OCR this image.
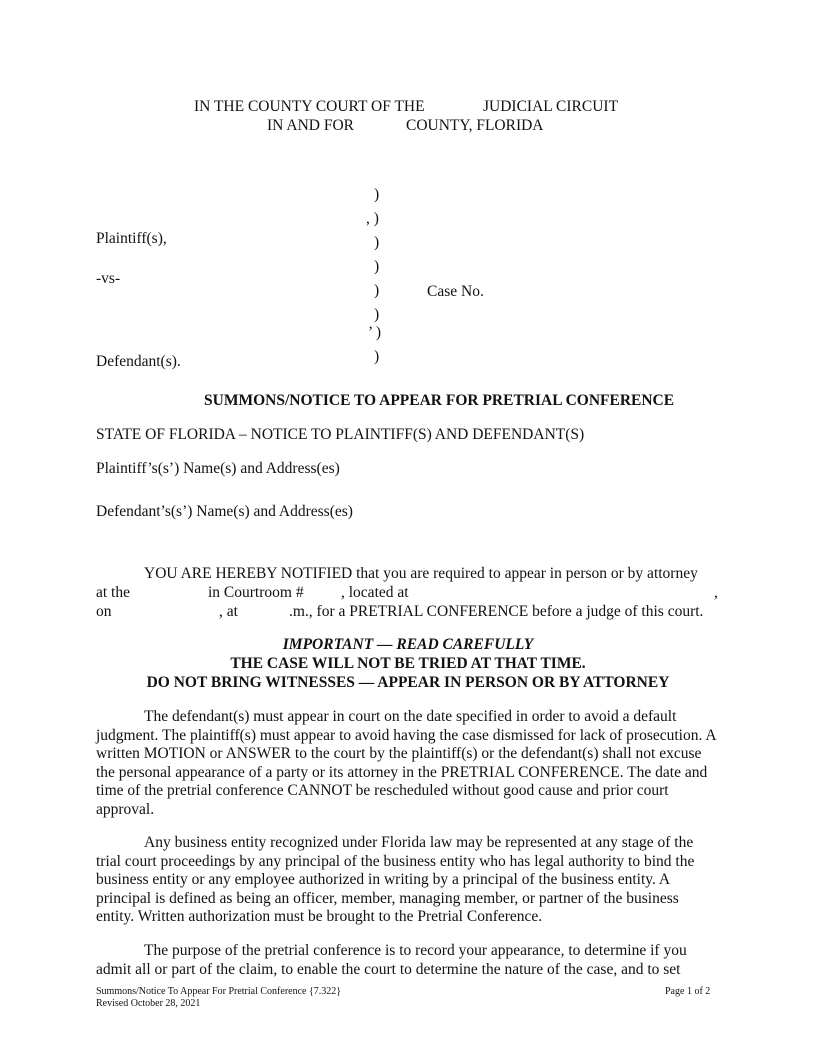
IN THE COUNTY COURT OF THE	JUDICIAL CIRCUIT
IN AND FOR	COUNTY, FLORIDA
)
, )
)
)
)
)
’ )
)
Plaintiff(s),
-vs-
Case No.
Defendant(s).
SUMMONS/NOTICE TO APPEAR FOR PRETRIAL CONFERENCE
STATE OF FLORIDA – NOTICE TO PLAINTIFF(S) AND DEFENDANT(S)
Plaintiff’s(s’) Name(s) and Address(es)
Defendant’s(s’) Name(s) and Address(es)
YOU ARE HEREBY NOTIFIED that you are required to appear in person or by attorney
at the	in Courtroom # , located at	,
on	, at	.m., for a PRETRIAL CONFERENCE before a judge of this court.
IMPORTANT — READ CAREFULLY
THE CASE WILL NOT BE TRIED AT THAT TIME.
DO NOT BRING WITNESSES — APPEAR IN PERSON OR BY ATTORNEY
The defendant(s) must appear in court on the date specified in order to avoid a default judgment. The plaintiff(s) must appear to avoid having the case dismissed for lack of prosecution. A written MOTION or ANSWER to the court by the plaintiff(s) or the defendant(s) shall not excuse the personal appearance of a party or its attorney in the PRETRIAL CONFERENCE. The date and time of the pretrial conference CANNOT be rescheduled without good cause and prior court approval.
Any business entity recognized under Florida law may be represented at any stage of the trial court proceedings by any principal of the business entity who has legal authority to bind the business entity or any employee authorized in writing by a principal of the business entity. A principal is defined as being an officer, member, managing member, or partner of the business entity. Written authorization must be brought to the Pretrial Conference.
The purpose of the pretrial conference is to record your appearance, to determine if you admit all or part of the claim, to enable the court to determine the nature of the case, and to set
Summons/Notice To Appear For Pretrial Conference {7.322}
Revised October 28, 2021
Page 1 of 2
